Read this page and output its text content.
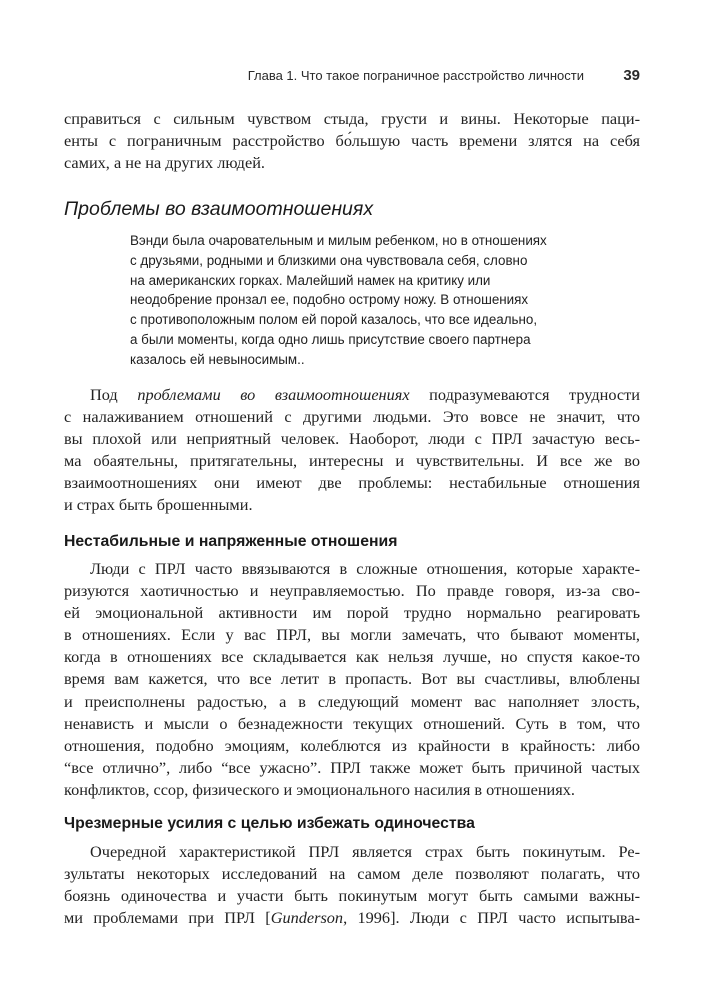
Глава 1. Что такое пограничное расстройство личности	39

справиться с сильным чувством стыда, грусти и вины. Некоторые паци-

енты с пограничным расстройство бо́льшую часть времени злятся на себя

самих, а не на других людей.

Проблемы во взаимоотношениях

Вэнди была очаровательным и милым ребенком, но в отношениях

с друзьями, родными и близкими она чувствовала себя, словно

на американских горках. Малейший намек на критику или

неодобрение пронзал ее, подобно острому ножу. В отношениях

с противоположным полом ей порой казалось, что все идеально,

а были моменты, когда одно лишь присутствие своего партнера

казалось ей невыносимым..

Под проблемами во взаимоотношениях подразумеваются трудности

с налаживанием отношений с другими людьми. Это вовсе не значит, что

вы плохой или неприятный человек. Наоборот, люди с ПРЛ зачастую весь-

ма обаятельны, притягательны, интересны и чувствительны. И все же во

взаимоотношениях они имеют две проблемы: нестабильные отношения

и страх быть брошенными.

Нестабильные и напряженные отношения

Люди с ПРЛ часто ввязываются в сложные отношения, которые характе-

ризуются хаотичностью и неуправляемостью. По правде говоря, из-за сво-

ей эмоциональной активности им порой трудно нормально реагировать

в отношениях. Если у вас ПРЛ, вы могли замечать, что бывают моменты,

когда в отношениях все складывается как нельзя лучше, но спустя какое-то

время вам кажется, что все летит в пропасть. Вот вы счастливы, влюблены

и преисполнены радостью, а в следующий момент вас наполняет злость,

ненависть и мысли о безнадежности текущих отношений. Суть в том, что

отношения, подобно эмоциям, колеблются из крайности в крайность: либо

“все отлично”, либо “все ужасно”. ПРЛ также может быть причиной частых

конфликтов, ссор, физического и эмоционального насилия в отношениях.

Чрезмерные усилия с целью избежать одиночества

Очередной характеристикой ПРЛ является страх быть покинутым. Ре-

зультаты некоторых исследований на самом деле позволяют полагать, что

боязнь одиночества и участи быть покинутым могут быть самыми важны-

ми проблемами при ПРЛ [Gunderson, 1996]. Люди с ПРЛ часто испытыва-
